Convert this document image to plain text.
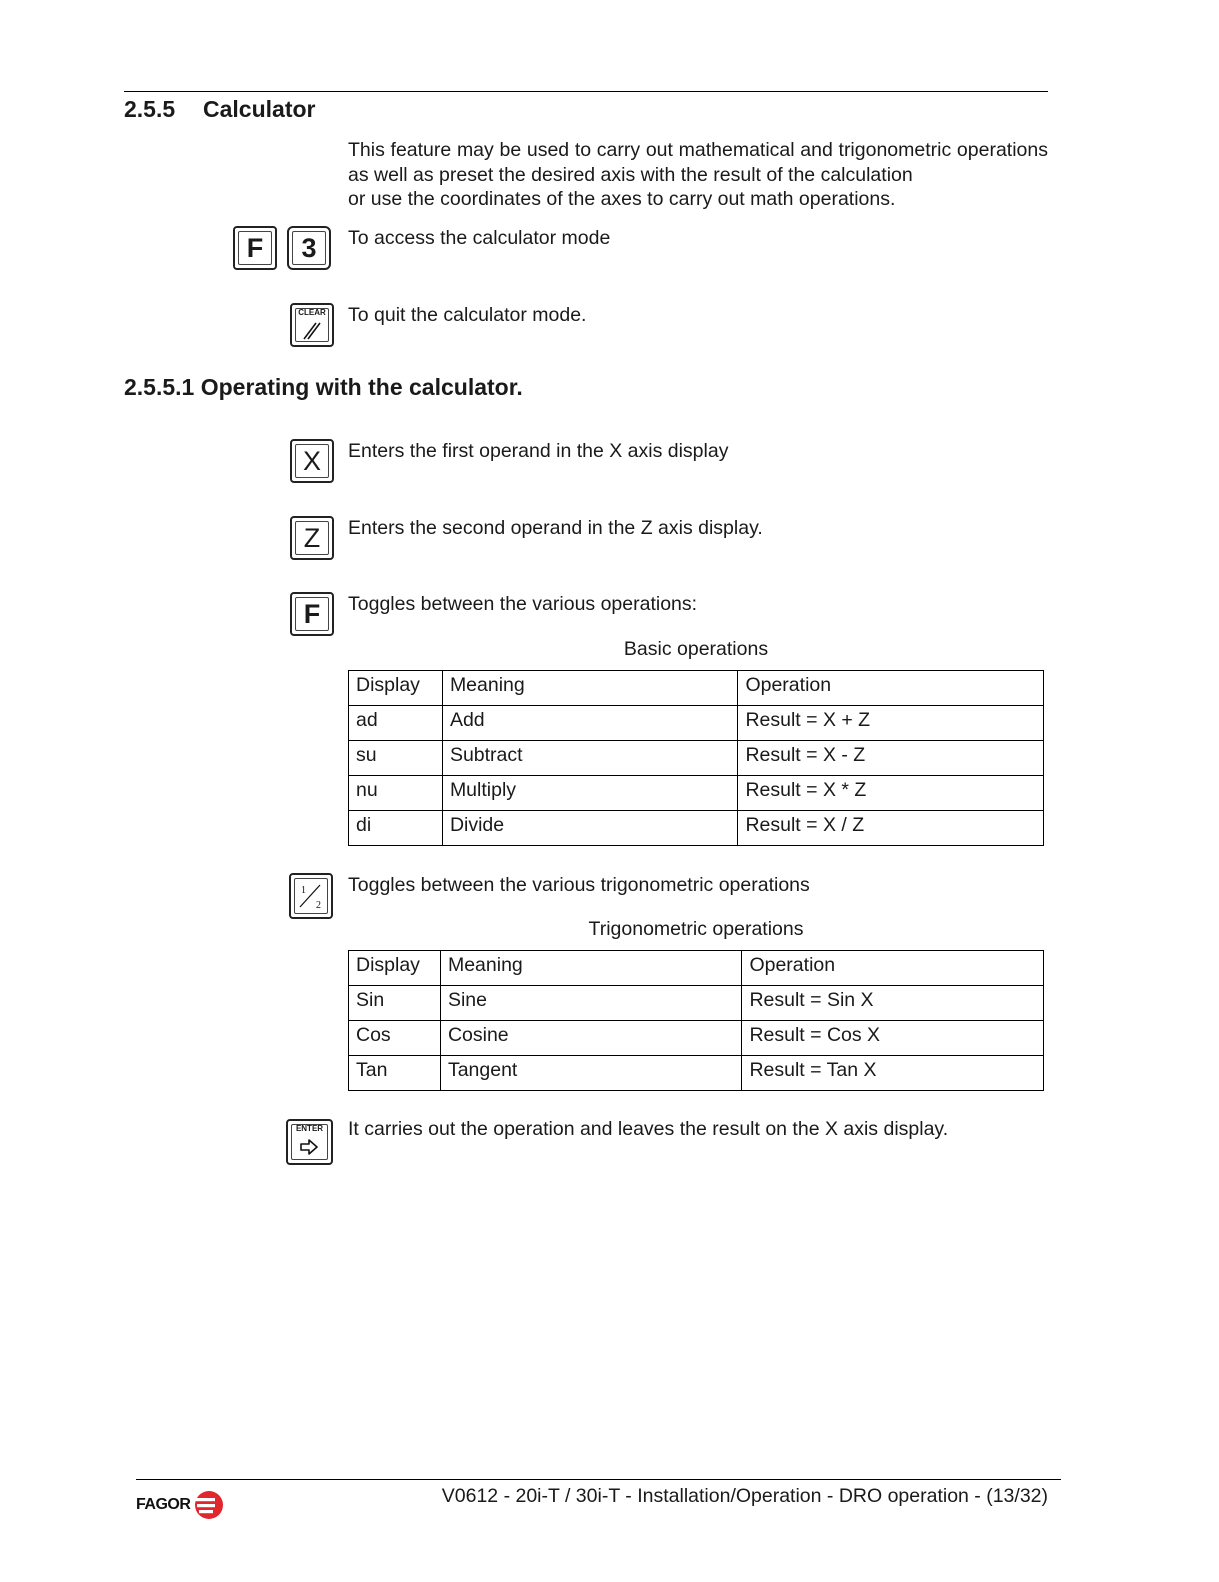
2.5.5 Calculator
This feature may be used to carry out mathematical and trigonometric operations as well as preset the desired axis with the result of the calculation
or use the coordinates of the axes to carry out math operations.
F 3 To access the calculator mode
CLEAR	To quit the calculator mode.
2.5.5.1 Operating with the calculator.
X Enters the first operand in the X axis display
Z Enters the second operand in the Z axis display.
F Toggles between the various operations:
Basic operations
Display	Meaning	Operation
ad	Add	Result = X + Z
su	Subtract	Result = X - Z
nu	Multiply	Result = X * Z
di	Divide	Result = X / Z
1
2
Toggles between the various trigonometric operations
Trigonometric operations
Display	Meaning	Operation
Sin	Sine	Result = Sin X
Cos	Cosine	Result = Cos X
Tan	Tangent	Result = Tan X
ENTER	It carries out the operation and leaves the result on the X axis display.
FAGOR	V0612 - 20i-T / 30i-T - Installation/Operation - DRO operation - (13/32)
